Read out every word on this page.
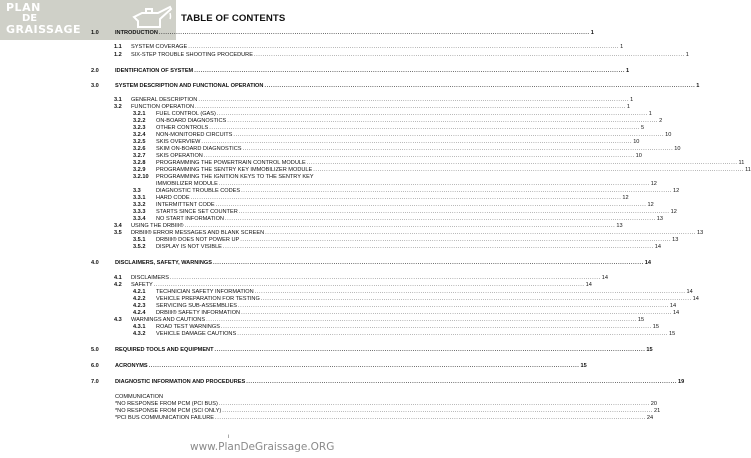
PLAN
DE
GRAISSAGE
TABLE OF CONTENTS
1.0	INTRODUCTION ........................................................................................................................................................................................................ 1
1.1 SYSTEM COVERAGE ........................................................................................................................................................................................................ 1
1.2 SIX-STEP TROUBLE SHOOTING PROCEDURE ........................................................................................................................................................................................................ 1
2.0	IDENTIFICATION OF SYSTEM ........................................................................................................................................................................................................ 1
3.0	SYSTEM DESCRIPTION AND FUNCTIONAL OPERATION ........................................................................................................................................................................................................ 1
3.1 GENERAL DESCRIPTION ........................................................................................................................................................................................................ 1
3.2 FUNCTION OPERATION ........................................................................................................................................................................................................ 1
3.2.1 FUEL CONTROL (GAS) ........................................................................................................................................................................................................ 1
3.2.2 ON-BOARD DIAGNOSTICS ........................................................................................................................................................................................................ 2
3.2.3 OTHER CONTROLS ........................................................................................................................................................................................................ 5
3.2.4 NON-MONITORED CIRCUITS ........................................................................................................................................................................................................ 10
3.2.5 SKIS OVERVIEW ........................................................................................................................................................................................................ 10
3.2.6 SKIM ON-BOARD DIAGNOSTICS ........................................................................................................................................................................................................ 10
3.2.7 SKIS OPERATION ........................................................................................................................................................................................................ 10
3.2.8 PROGRAMMING THE POWERTRAIN CONTROL MODULE ........................................................................................................................................................................................................ 11
3.2.9 PROGRAMMING THE SENTRY KEY IMMOBILIZER MODULE ........................................................................................................................................................................................................ 11
3.2.10 PROGRAMMING THE IGNITION KEYS TO THE SENTRY KEY
IMMOBILIZER MODULE ........................................................................................................................................................................................................ 12
3.3	DIAGNOSTIC TROUBLE CODES ........................................................................................................................................................................................................ 12
3.3.1 HARD CODE ........................................................................................................................................................................................................ 12
3.3.2 INTERMITTENT CODE ........................................................................................................................................................................................................ 12
3.3.3 STARTS SINCE SET COUNTER ........................................................................................................................................................................................................ 12
3.3.4 NO START INFORMATION ........................................................................................................................................................................................................ 13
3.4 USING THE DRBIII® ........................................................................................................................................................................................................ 13
3.5 DRBIII® ERROR MESSAGES AND BLANK SCREEN ........................................................................................................................................................................................................ 13
3.5.1 DRBIII® DOES NOT POWER UP ........................................................................................................................................................................................................ 13
3.5.2 DISPLAY IS NOT VISIBLE ........................................................................................................................................................................................................ 14
4.0	DISCLAIMERS, SAFETY, WARNINGS ........................................................................................................................................................................................................ 14
4.1 DISCLAIMERS ........................................................................................................................................................................................................ 14
4.2 SAFETY ........................................................................................................................................................................................................ 14
4.2.1 TECHNICIAN SAFETY INFORMATION ........................................................................................................................................................................................................ 14
4.2.2 VEHICLE PREPARATION FOR TESTING ........................................................................................................................................................................................................ 14
4.2.3 SERVICING SUB-ASSEMBLIES ........................................................................................................................................................................................................ 14
4.2.4 DRBIII® SAFETY INFORMATION ........................................................................................................................................................................................................ 14
4.3 WARNINGS AND CAUTIONS ........................................................................................................................................................................................................ 15
4.3.1 ROAD TEST WARNINGS ........................................................................................................................................................................................................ 15
4.3.2 VEHICLE DAMAGE CAUTIONS ........................................................................................................................................................................................................ 15
5.0	REQUIRED TOOLS AND EQUIPMENT ........................................................................................................................................................................................................ 15
6.0	ACRONYMS ........................................................................................................................................................................................................ 15
7.0	DIAGNOSTIC INFORMATION AND PROCEDURES ........................................................................................................................................................................................................ 19
COMMUNICATION
*NO RESPONSE FROM PCM (PCI BUS) ........................................................................................................................................................................................................ 20
*NO RESPONSE FROM PCM (SCI ONLY) ........................................................................................................................................................................................................ 21
*PCI BUS COMMUNICATION FAILURE ........................................................................................................................................................................................................ 24
i
www.PlanDeGraissage.ORG
